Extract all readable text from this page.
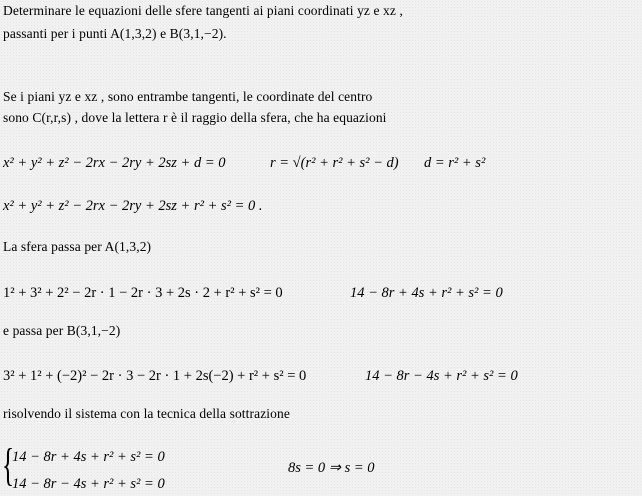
Determinare le equazioni delle sfere tangenti ai piani coordinati yz e xz ,
passanti per i punti A(1,3,2) e B(3,1,−2).
Se i piani yz e xz , sono entrambe tangenti, le coordinate del centro
sono C(r,r,s) , dove la lettera r è il raggio della sfera, che ha equazioni
x² + y² + z² − 2rx − 2ry + 2sz + d = 0	r = √(r² + r² + s² − d) d = r² + s²
x² + y² + z² − 2rx − 2ry + 2sz + r² + s² = 0 .
La sfera passa per A(1,3,2)
1² + 3² + 2² − 2r · 1 − 2r · 3 + 2s · 2 + r² + s² = 0	14 − 8r + 4s + r² + s² = 0
e passa per B(3,1,−2)
3² + 1² + (−2)² − 2r · 3 − 2r · 1 + 2s(−2) + r² + s² = 0	14 − 8r − 4s + r² + s² = 0
risolvendo il sistema con la tecnica della sottrazione
{
14 − 8r + 4s + r² + s² = 0
14 − 8r − 4s + r² + s² = 0
8s = 0 ⇒ s = 0
